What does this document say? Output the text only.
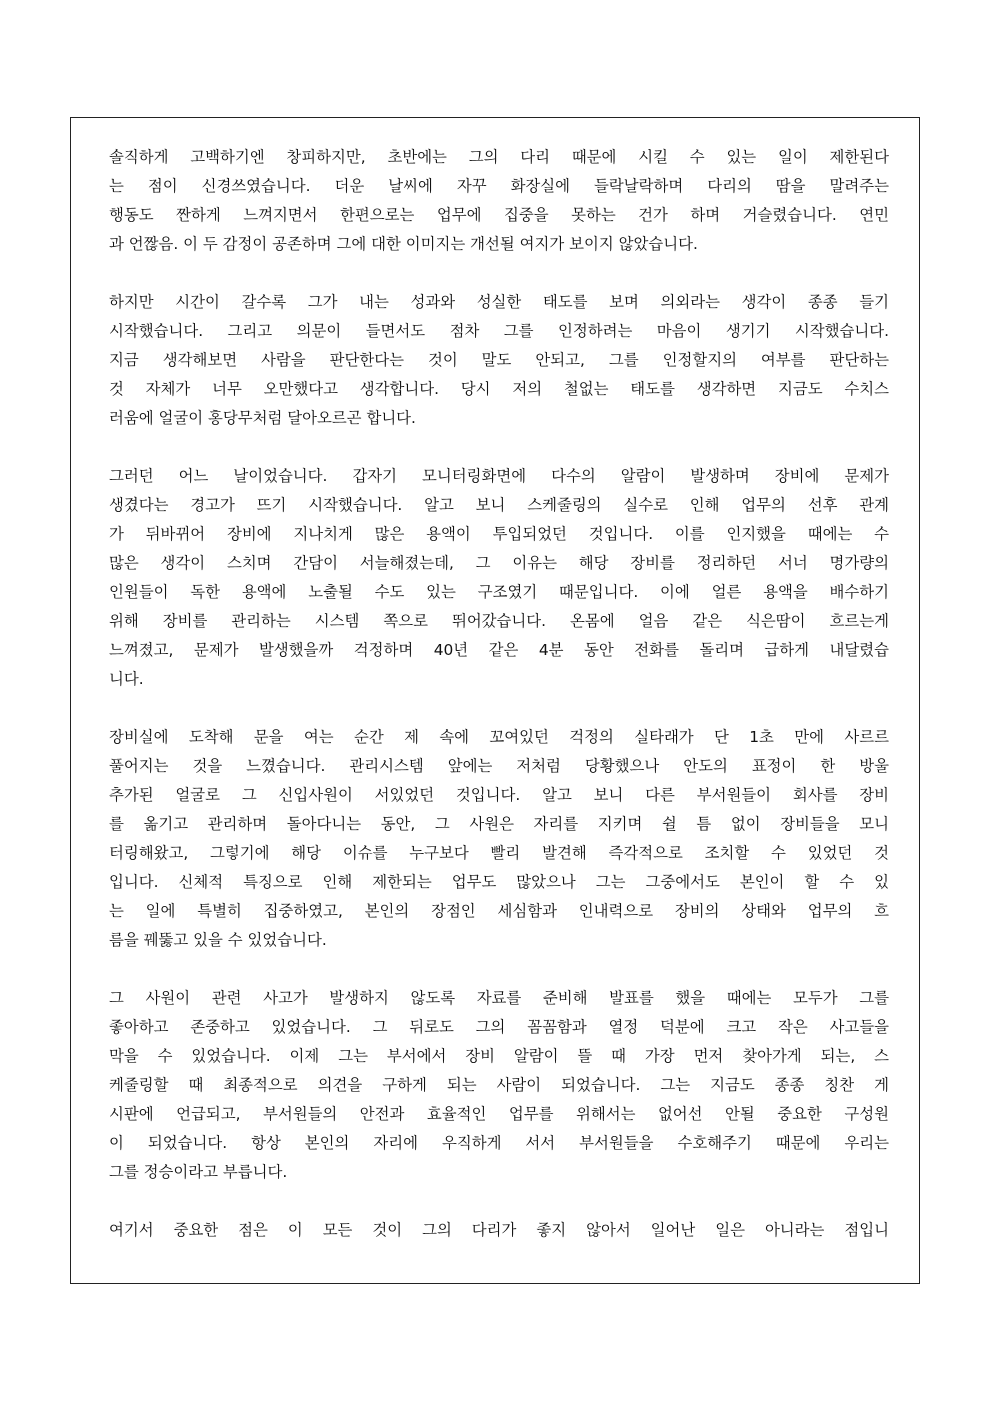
솔직하게 고백하기엔 창피하지만, 초반에는 그의 다리 때문에 시킬 수 있는 일이 제한된다
는 점이 신경쓰였습니다. 더운 날씨에 자꾸 화장실에 들락날락하며 다리의 땀을 말려주는
행동도 짠하게 느껴지면서 한편으로는 업무에 집중을 못하는 건가 하며 거슬렸습니다. 연민
과 언짢음. 이 두 감정이 공존하며 그에 대한 이미지는 개선될 여지가 보이지 않았습니다.
하지만 시간이 갈수록 그가 내는 성과와 성실한 태도를 보며 의외라는 생각이 종종 들기
시작했습니다. 그리고 의문이 들면서도 점차 그를 인정하려는 마음이 생기기 시작했습니다.
지금 생각해보면 사람을 판단한다는 것이 말도 안되고, 그를 인정할지의 여부를 판단하는
것 자체가 너무 오만했다고 생각합니다. 당시 저의 철없는 태도를 생각하면 지금도 수치스
러움에 얼굴이 홍당무처럼 달아오르곤 합니다.
그러던 어느 날이었습니다. 갑자기 모니터링화면에 다수의 알람이 발생하며 장비에 문제가
생겼다는 경고가 뜨기 시작했습니다. 알고 보니 스케줄링의 실수로 인해 업무의 선후 관계
가 뒤바뀌어 장비에 지나치게 많은 용액이 투입되었던 것입니다. 이를 인지했을 때에는 수
많은 생각이 스치며 간담이 서늘해졌는데, 그 이유는 해당 장비를 정리하던 서너 명가량의
인원들이 독한 용액에 노출될 수도 있는 구조였기 때문입니다. 이에 얼른 용액을 배수하기
위해 장비를 관리하는 시스템 쪽으로 뛰어갔습니다. 온몸에 얼음 같은 식은땀이 흐르는게
느껴졌고, 문제가 발생했을까 걱정하며 40년 같은 4분 동안 전화를 돌리며 급하게 내달렸습
니다.
장비실에 도착해 문을 여는 순간 제 속에 꼬여있던 걱정의 실타래가 단 1초 만에 사르르
풀어지는 것을 느꼈습니다. 관리시스템 앞에는 저처럼 당황했으나 안도의 표정이 한 방울
추가된 얼굴로 그 신입사원이 서있었던 것입니다. 알고 보니 다른 부서원들이 회사를 장비
를 옮기고 관리하며 돌아다니는 동안, 그 사원은 자리를 지키며 쉴 틈 없이 장비들을 모니
터링해왔고, 그렇기에 해당 이슈를 누구보다 빨리 발견해 즉각적으로 조치할 수 있었던 것
입니다. 신체적 특징으로 인해 제한되는 업무도 많았으나 그는 그중에서도 본인이 할 수 있
는 일에 특별히 집중하였고, 본인의 장점인 세심함과 인내력으로 장비의 상태와 업무의 흐
름을 꿰뚫고 있을 수 있었습니다.
그 사원이 관련 사고가 발생하지 않도록 자료를 준비해 발표를 했을 때에는 모두가 그를
좋아하고 존중하고 있었습니다. 그 뒤로도 그의 꼼꼼함과 열정 덕분에 크고 작은 사고들을
막을 수 있었습니다. 이제 그는 부서에서 장비 알람이 뜰 때 가장 먼저 찾아가게 되는, 스
케줄링할 때 최종적으로 의견을 구하게 되는 사람이 되었습니다. 그는 지금도 종종 칭찬 게
시판에 언급되고, 부서원들의 안전과 효율적인 업무를 위해서는 없어선 안될 중요한 구성원
이 되었습니다. 항상 본인의 자리에 우직하게 서서 부서원들을 수호해주기 때문에 우리는
그를 정승이라고 부릅니다.
여기서 중요한 점은 이 모든 것이 그의 다리가 좋지 않아서 일어난 일은 아니라는 점입니
